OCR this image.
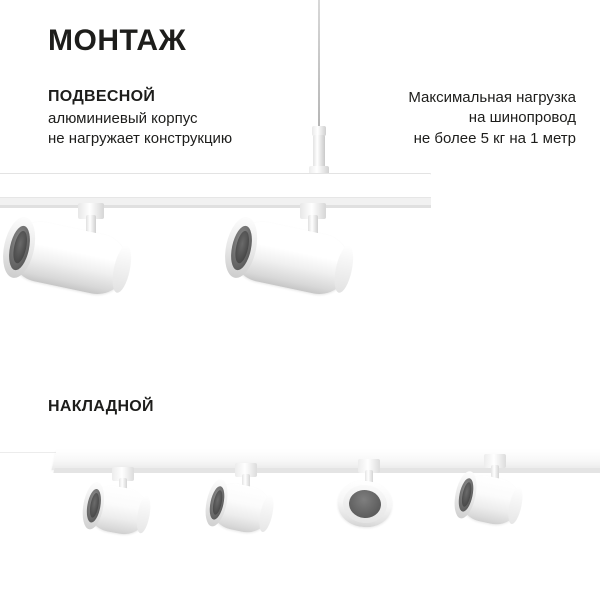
МОНТАЖ
ПОДВЕСНОЙ
алюминиевый корпус
не нагружает конструкцию
Максимальная нагрузка
на шинопровод
не более 5 кг на 1 метр
НАКЛАДНОЙ
